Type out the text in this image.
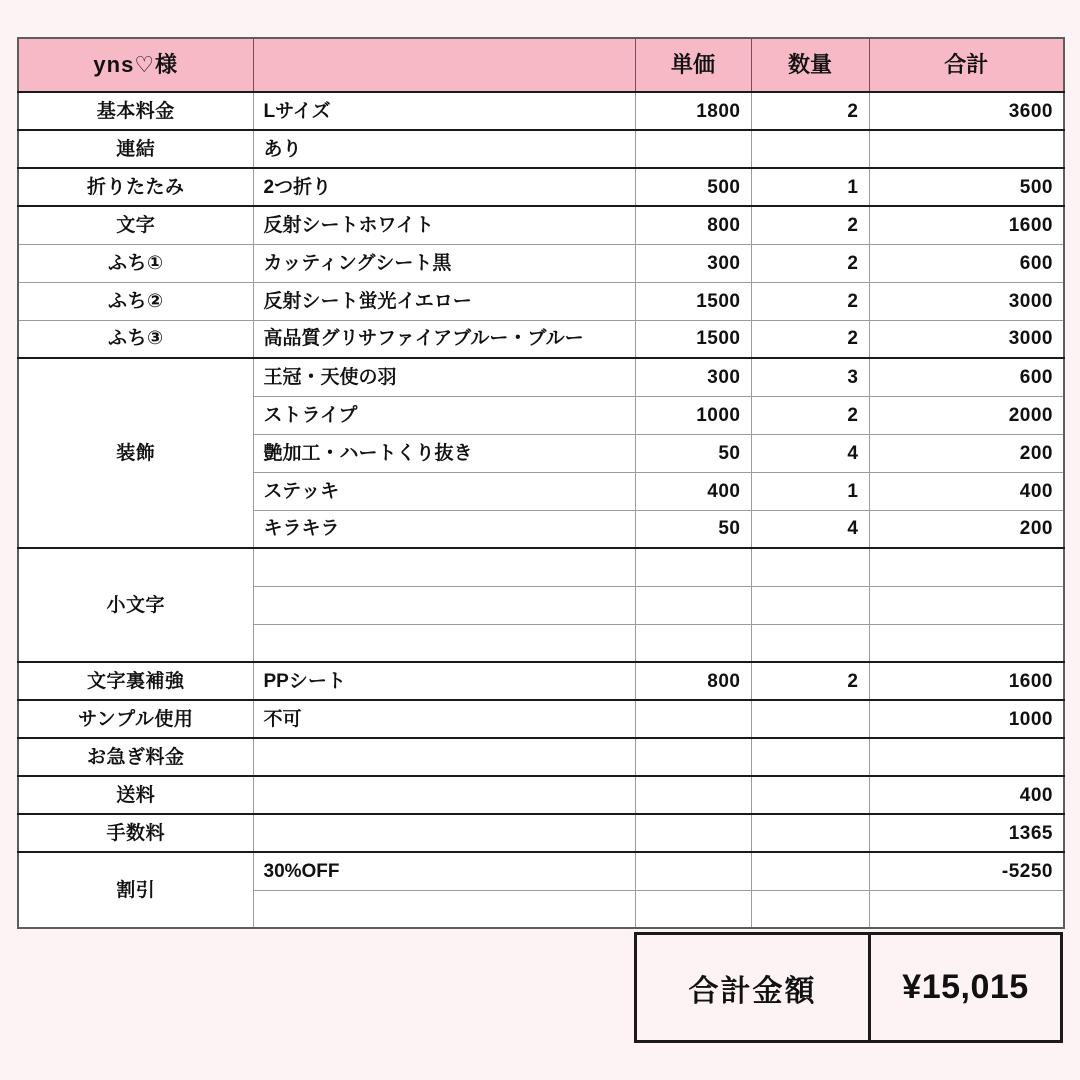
yns♡様		単価	数量	合計
基本料金	Lサイズ	1800	2	3600
連結	あり			
折りたたみ	2つ折り	500	1	500
文字	反射シートホワイト	800	2	1600
ふち①	カッティングシート黒	300	2	600
ふち②	反射シート蛍光イエロー	1500	2	3000
ふち③	高品質グリサファイアブルー・ブルー	1500	2	3000
装飾	王冠・天使の羽	300	3	600
	ストライプ	1000	2	2000
	艶加工・ハートくり抜き	50	4	200
	ステッキ	400	1	400
	キラキラ	50	4	200
小文字				

文字裏補強	PPシート	800	2	1600
サンプル使用	不可			1000
お急ぎ料金				
送料				400
手数料				1365
割引	30%OFF			-5250

合計金額	¥15,015
